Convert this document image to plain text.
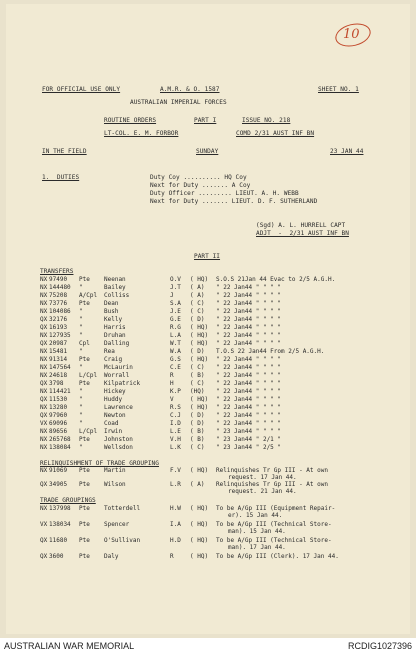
10
FOR OFFICIAL USE ONLY	A.M.R. & O. 1587	SHEET NO. 1
AUSTRALIAN IMPERIAL FORCES
ROUTINE ORDERS	PART I	ISSUE NO. 218
LT-COL. E. M. FORBOR	COMD 2/31 AUST INF BN
IN THE FIELD	SUNDAY	23 JAN 44
1.  DUTIES	Duty Coy .......... HQ Coy
Next for Duty ....... A Coy
Duty Officer ......... LIEUT. A. H. WEBB
Next for Duty ....... LIEUT. D. F. SUTHERLAND
(Sgd) A. L. HURRELL CAPT
ADJT  -  2/31 AUST INF BN
PART II
TRANSFERS
NX 97490 Pte Neenan	O.V ( HQ) S.O.S 21Jan 44 Evac to 2/5 A.G.H.
NX 144480 "	Bailey	J.T ( A) " 22 Jan44 " " " "
NX 75208 A/Cpl Colliss	J	( A) " 22 Jan44 " " " "
NX 73776 Pte Dean	S.A ( C) " 22 Jan44 " " " "
NX 104086 "	Bush	J.E ( C) " 22 Jan44 " " " "
QX 32176 "	Kelly	G.E ( D) " 22 Jan44 " " " "
QX 16193 "	Harris	R.G ( HQ) " 22 Jan44 " " " "
NX 127935 "	Druhan	L.A ( HQ) " 22 Jan44 " " " "
QX 20987 Cpl Dalling	W.T ( HQ) " 22 Jan44 " " " "
NX 15481 "	Rea	W.A ( D) T.O.S 22 Jan44 From 2/5 A.G.H.
NX 91314 Pte Craig	G.S ( HQ) " 22 Jan44 " " " "
NX 147564 "	McLaurin	C.E ( C) " 22 Jan44 " " " "
NX 24618 L/Cpl Worrall	R	( B) " 22 Jan44 " " " "
QX 3798	Pte Kilpatrick	H	( C) " 22 Jan44 " " " "
NX 114421 "	Hickey	K.P (HQ) " 22 Jan44 " " " "
QX 11530 "	Huddy	V	( HQ) " 22 Jan44 " " " "
NX 13280 "	Lawrence	R.S ( HQ) " 22 Jan44 " " " "
QX 97960 "	Newton	C.J ( D) " 22 Jan44 " " " "
VX 69096 "	Coad	I.D ( D) " 22 Jan44 " " " "
NX 89656 L/Cpl Irwin	L.E ( B) " 23 Jan44 " " " "
NX 265768 Pte Johnston	V.H ( B) " 23 Jan44 " 2/1 "
NX 138084 "	Wellsdon	L.K ( C) " 23 Jan44 " 2/5 "
RELINQUISHMENT OF TRADE GROUPING
NX 91069 Pte Martin	F.V ( HQ) Relinquishes Tr Gp III - At own
request. 17 Jan 44.
QX 34905 Pte Wilson	L.R ( A) Relinquishes Tr Gp III - At own
request. 21 Jan 44.
TRADE GROUPINGS
NX 137998 Pte Totterdell	H.W ( HQ) To be A/Gp III (Equipment Repair-
er). 15 Jan 44.
VX 138034 Pte Spencer	I.A ( HQ) To be A/Gp III (Technical Store-
man). 15 Jan 44.
QX 11680 Pte O'Sullivan	H.D ( HQ) To be A/Gp III (Technical Store-
man). 17 Jan 44.
QX 3600	Pte Daly	R	( HQ) To be A/Gp III (Clerk). 17 Jan 44.
AUSTRALIAN WAR MEMORIAL	RCDIG1027396
